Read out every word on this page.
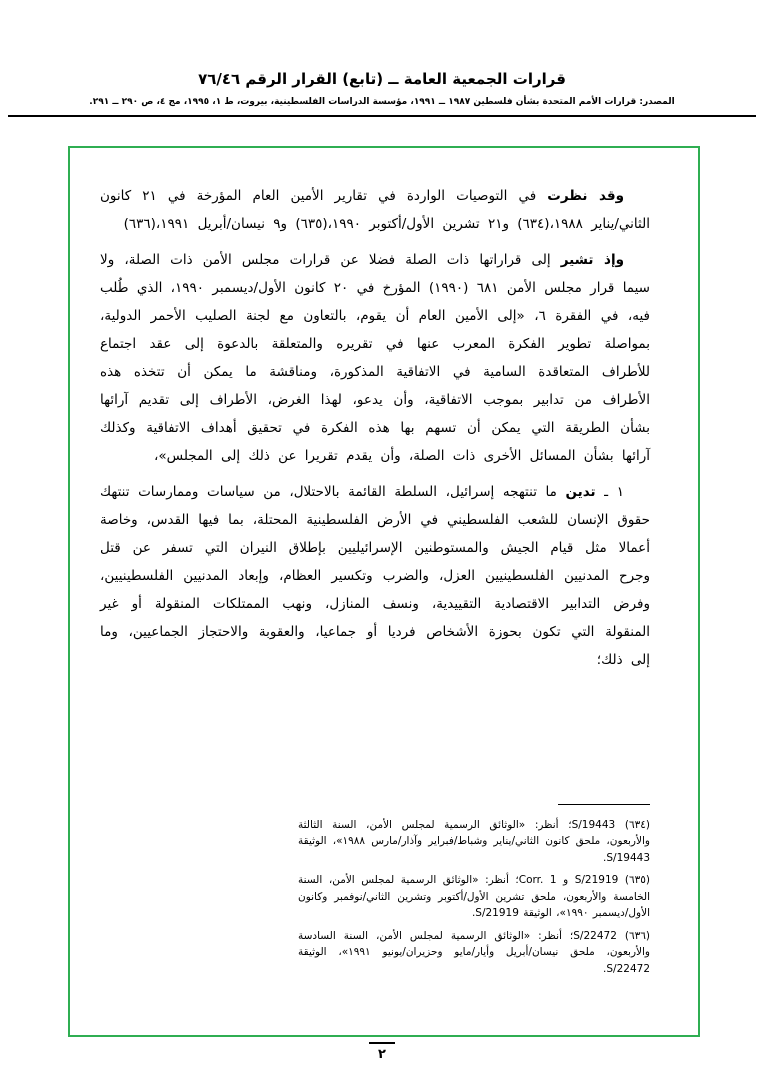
قرارات الجمعية العامة ــ (تابع) القرار الرقم ٧٦/٤٦
المصدر: قرارات الأمم المتحدة بشأن فلسطين ١٩٨٧ ــ ١٩٩١، مؤسسة الدراسات الفلسطينية، بيروت، ط ١، ١٩٩٥، مج ٤، ص ٢٩٠ ــ ٢٩١.

وقد نظرت في التوصيات الواردة في تقارير الأمين العام المؤرخة في ٢١ كانون الثاني/يناير ١٩٨٨،(٦٣٤) و٢١ تشرين الأول/أكتوبر ١٩٩٠،(٦٣٥) و٩ نيسان/أبريل ١٩٩١،(٦٣٦)

وإذ تشير إلى قراراتها ذات الصلة فضلا عن قرارات مجلس الأمن ذات الصلة، ولا سيما قرار مجلس الأمن ٦٨١ (١٩٩٠) المؤرخ في ٢٠ كانون الأول/ديسمبر ١٩٩٠، الذي طُلب فيه، في الفقرة ٦، «إلى الأمين العام أن يقوم، بالتعاون مع لجنة الصليب الأحمر الدولية، بمواصلة تطوير الفكرة المعرب عنها في تقريره والمتعلقة بالدعوة إلى عقد اجتماع للأطراف المتعاقدة السامية في الاتفاقية المذكورة، ومناقشة ما يمكن أن تتخذه هذه الأطراف من تدابير بموجب الاتفاقية، وأن يدعو، لهذا الغرض، الأطراف إلى تقديم آرائها بشأن الطريقة التي يمكن أن تسهم بها هذه الفكرة في تحقيق أهداف الاتفاقية وكذلك آرائها بشأن المسائل الأخرى ذات الصلة، وأن يقدم تقريرا عن ذلك إلى المجلس»،

١ ـ تدين ما تنتهجه إسرائيل، السلطة القائمة بالاحتلال، من سياسات وممارسات تنتهك حقوق الإنسان للشعب الفلسطيني في الأرض الفلسطينية المحتلة، بما فيها القدس، وخاصة أعمالا مثل قيام الجيش والمستوطنين الإسرائيليين بإطلاق النيران التي تسفر عن قتل وجرح المدنيين الفلسطينيين العزل، والضرب وتكسير العظام، وإبعاد المدنيين الفلسطينيين، وفرض التدابير الاقتصادية التقييدية، ونسف المنازل، ونهب الممتلكات المنقولة أو غير المنقولة التي تكون بحوزة الأشخاص فرديا أو جماعيا، والعقوبة والاحتجاز الجماعيين، وما إلى ذلك؛

(٦٣٤) S/19443؛ أنظر: «الوثائق الرسمية لمجلس الأمن، السنة الثالثة والأربعون، ملحق كانون الثاني/يناير وشباط/فبراير وآذار/مارس ١٩٨٨»، الوثيقة S/19443.

(٦٣٥) S/21919 و Corr. 1؛ أنظر: «الوثائق الرسمية لمجلس الأمن، السنة الخامسة والأربعون، ملحق تشرين الأول/أكتوبر وتشرين الثاني/نوفمبر وكانون الأول/ديسمبر ١٩٩٠»، الوثيقة S/21919.

(٦٣٦) S/22472؛ أنظر: «الوثائق الرسمية لمجلس الأمن، السنة السادسة والأربعون، ملحق نيسان/أبريل وأيار/مايو وحزيران/يونيو ١٩٩١»، الوثيقة S/22472.

٢
